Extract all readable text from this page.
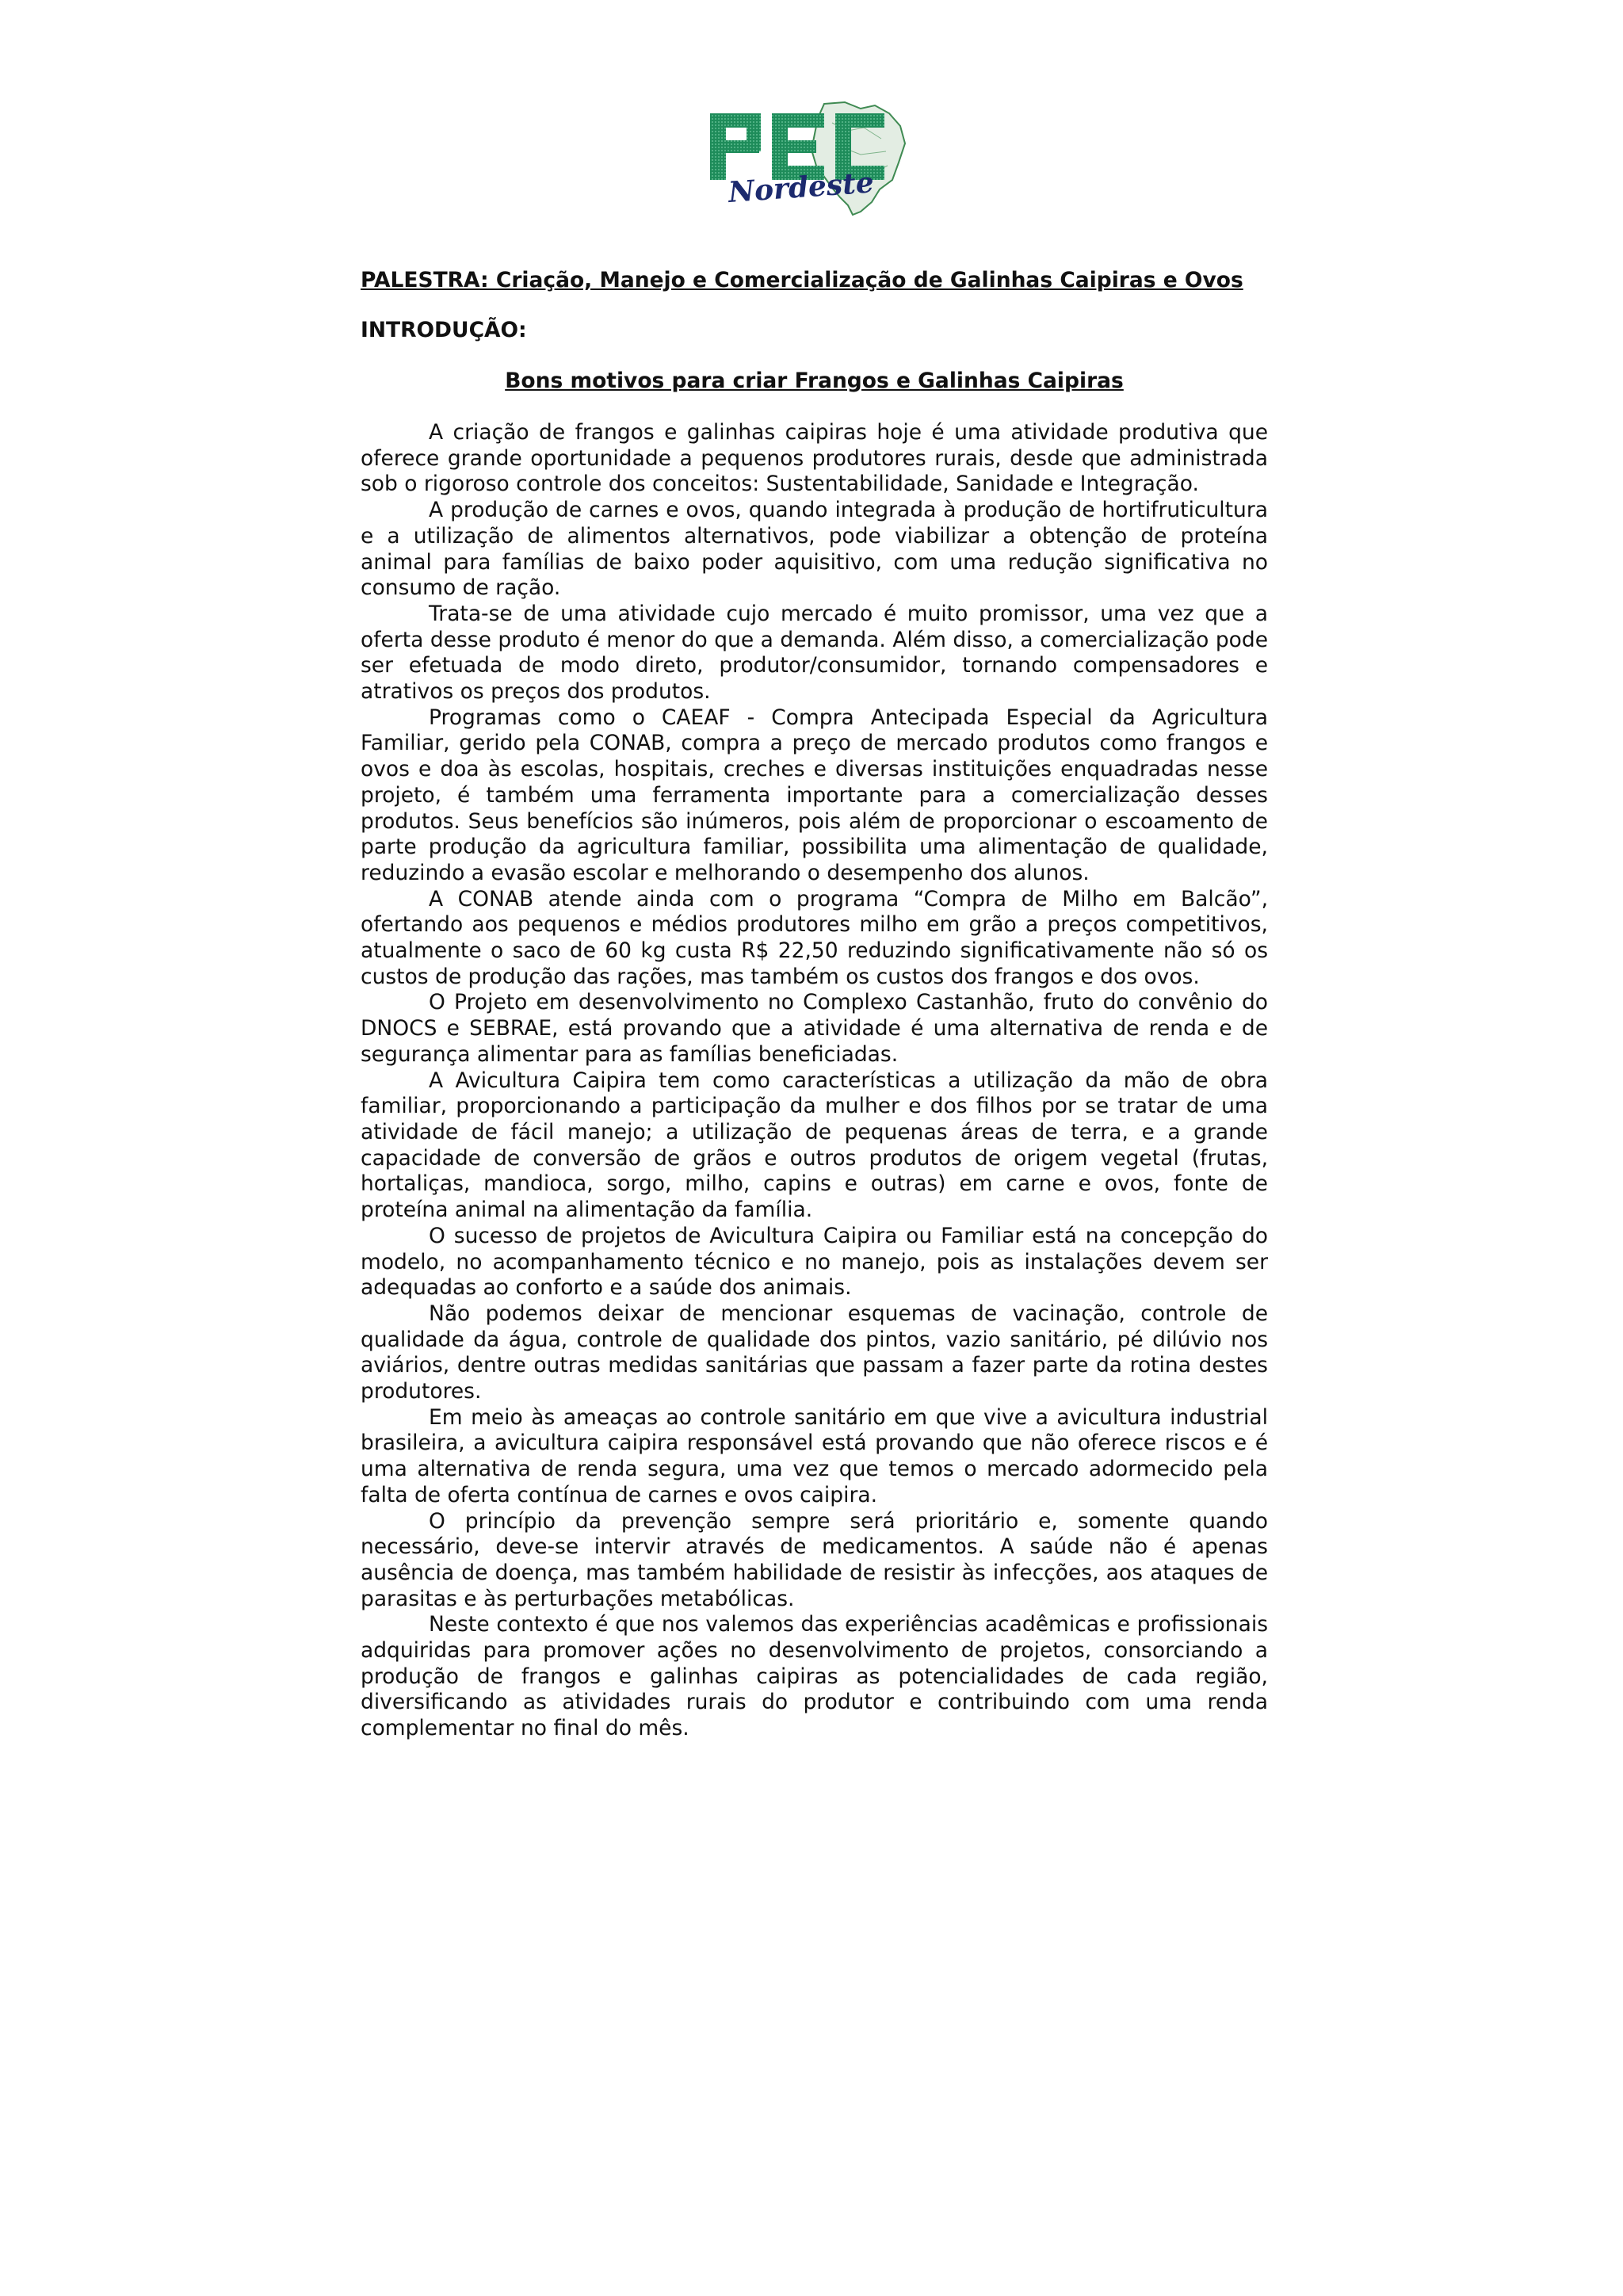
Nordeste
PALESTRA: Criação, Manejo e Comercialização de Galinhas Caipiras e Ovos
INTRODUÇÃO:
Bons motivos para criar Frangos e Galinhas Caipiras

A criação de frangos e galinhas caipiras hoje é uma atividade produtiva que oferece grande oportunidade a pequenos produtores rurais, desde que administrada sob o rigoroso controle dos conceitos: Sustentabilidade, Sanidade e Integração.

A produção de carnes e ovos, quando integrada à produção de hortifruticultura e a utilização de alimentos alternativos, pode viabilizar a obtenção de proteína animal para famílias de baixo poder aquisitivo, com uma redução significativa no consumo de ração.

Trata-se de uma atividade cujo mercado é muito promissor, uma vez que a oferta desse produto é menor do que a demanda. Além disso, a comercialização pode ser efetuada de modo direto, produtor/consumidor, tornando compensadores e atrativos os preços dos produtos.

Programas como o CAEAF - Compra Antecipada Especial da Agricultura Familiar, gerido pela CONAB, compra a preço de mercado produtos como frangos e ovos e doa às escolas, hospitais, creches e diversas instituições enquadradas nesse projeto, é também uma ferramenta importante para a comercialização desses produtos. Seus benefícios são inúmeros, pois além de proporcionar o escoamento de parte produção da agricultura familiar, possibilita uma alimentação de qualidade, reduzindo a evasão escolar e melhorando o desempenho dos alunos.

A CONAB atende ainda com o programa “Compra de Milho em Balcão”, ofertando aos pequenos e médios produtores milho em grão a preços competitivos, atualmente o saco de 60 kg custa R$ 22,50 reduzindo significativamente não só os custos de produção das rações, mas também os custos dos frangos e dos ovos.

O Projeto em desenvolvimento no Complexo Castanhão, fruto do convênio do DNOCS e SEBRAE, está provando que a atividade é uma alternativa de renda e de segurança alimentar para as famílias beneficiadas.

A Avicultura Caipira tem como características a utilização da mão de obra familiar, proporcionando a participação da mulher e dos filhos por se tratar de uma atividade de fácil manejo; a utilização de pequenas áreas de terra, e a grande capacidade de conversão de grãos e outros produtos de origem vegetal (frutas, hortaliças, mandioca, sorgo, milho, capins e outras) em carne e ovos, fonte de proteína animal na alimentação da família.

O sucesso de projetos de Avicultura Caipira ou Familiar está na concepção do modelo, no acompanhamento técnico e no manejo, pois as instalações devem ser adequadas ao conforto e a saúde dos animais.

Não podemos deixar de mencionar esquemas de vacinação, controle de qualidade da água, controle de qualidade dos pintos, vazio sanitário, pé dilúvio nos aviários, dentre outras medidas sanitárias que passam a fazer parte da rotina destes produtores.

Em meio às ameaças ao controle sanitário em que vive a avicultura industrial brasileira, a avicultura caipira responsável está provando que não oferece riscos e é uma alternativa de renda segura, uma vez que temos o mercado adormecido pela falta de oferta contínua de carnes e ovos caipira.

O princípio da prevenção sempre será prioritário e, somente quando necessário, deve-se intervir através de medicamentos. A saúde não é apenas ausência de doença, mas também habilidade de resistir às infecções, aos ataques de parasitas e às perturbações metabólicas.

Neste contexto é que nos valemos das experiências acadêmicas e profissionais adquiridas para promover ações no desenvolvimento de projetos, consorciando a produção de frangos e galinhas caipiras as potencialidades de cada região, diversificando as atividades rurais do produtor e contribuindo com uma renda complementar no final do mês.
